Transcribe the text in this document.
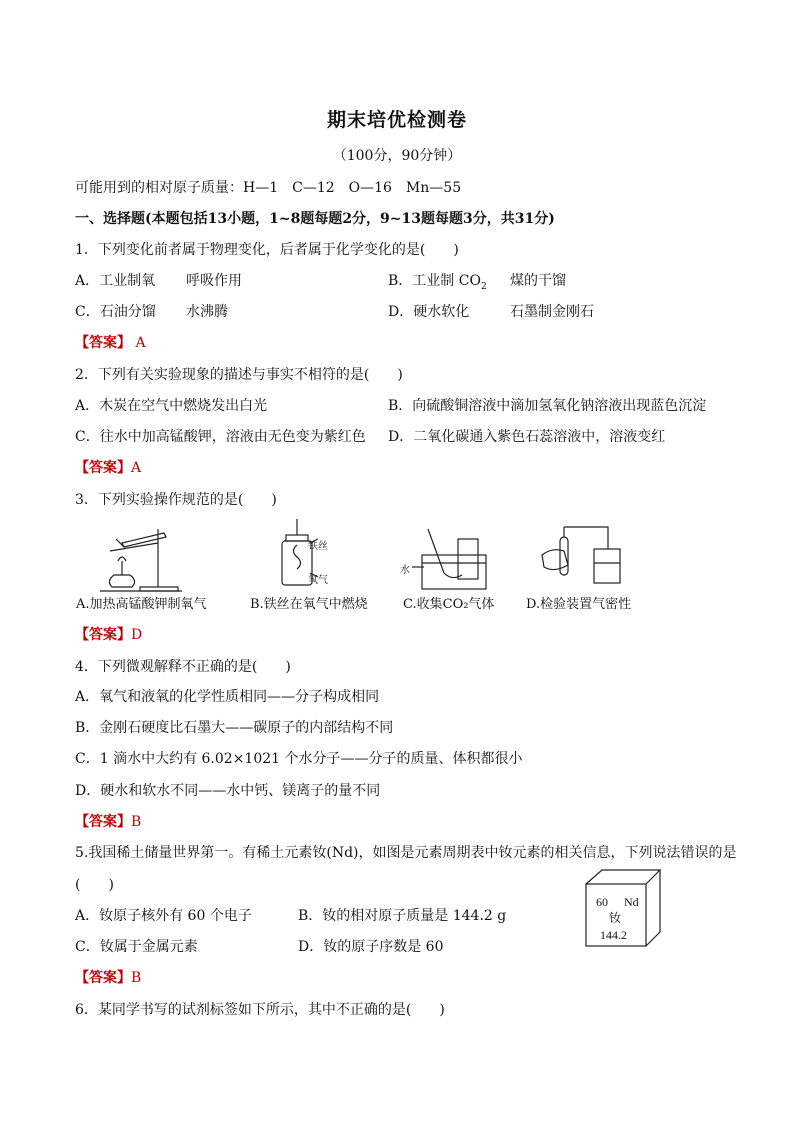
期末培优检测卷
（100分，90分钟）
可能用到的相对原子质量：H—1　C—12　O—16　Mn—55
一、选择题(本题包括13小题，1~8题每题2分，9~13题每题3分，共31分)
1．下列变化前者属于物理变化，后者属于化学变化的是(　　)
A．工业制氧 呼吸作用	B．工业制 $CO_2$ 煤的干馏
C．石油分馏 水沸腾	D．硬水软化	石墨制金刚石
【答案】 A
2．下列有关实验现象的描述与事实不相符的是(　　)
A．木炭在空气中燃烧发出白光	B．向硫酸铜溶液中滴加氢氧化钠溶液出现蓝色沉淀
C．往水中加高锰酸钾，溶液由无色变为紫红色 D．二氧化碳通入紫色石蕊溶液中，溶液变红
【答案】A
3．下列实验操作规范的是(　　)
铁丝
氧气
水
A.加热高锰酸钾制氧气	B.铁丝在氧气中燃烧	C.收集CO₂气体 D.检验装置气密性
【答案】D
4．下列微观解释不正确的是(　　)
A．氧气和液氧的化学性质相同——分子构成相同
B．金刚石硬度比石墨大——碳原子的内部结构不同
C．1 滴水中大约有 6.02×1021 个水分子——分子的质量、体积都很小
D．硬水和软水不同——水中钙、镁离子的量不同
【答案】B
5.我国稀土储量世界第一。有稀土元素钕(Nd)，如图是元素周期表中钕元素的相关信息，下列说法错误的是
(　　)
A．钕原子核外有 60 个电子	B．钕的相对原子质量是 144.2 g
C．钕属于金属元素	D．钕的原子序数是 60
60 Nd
钕
144.2
【答案】B
6．某同学书写的试剂标签如下所示，其中不正确的是(　　)
